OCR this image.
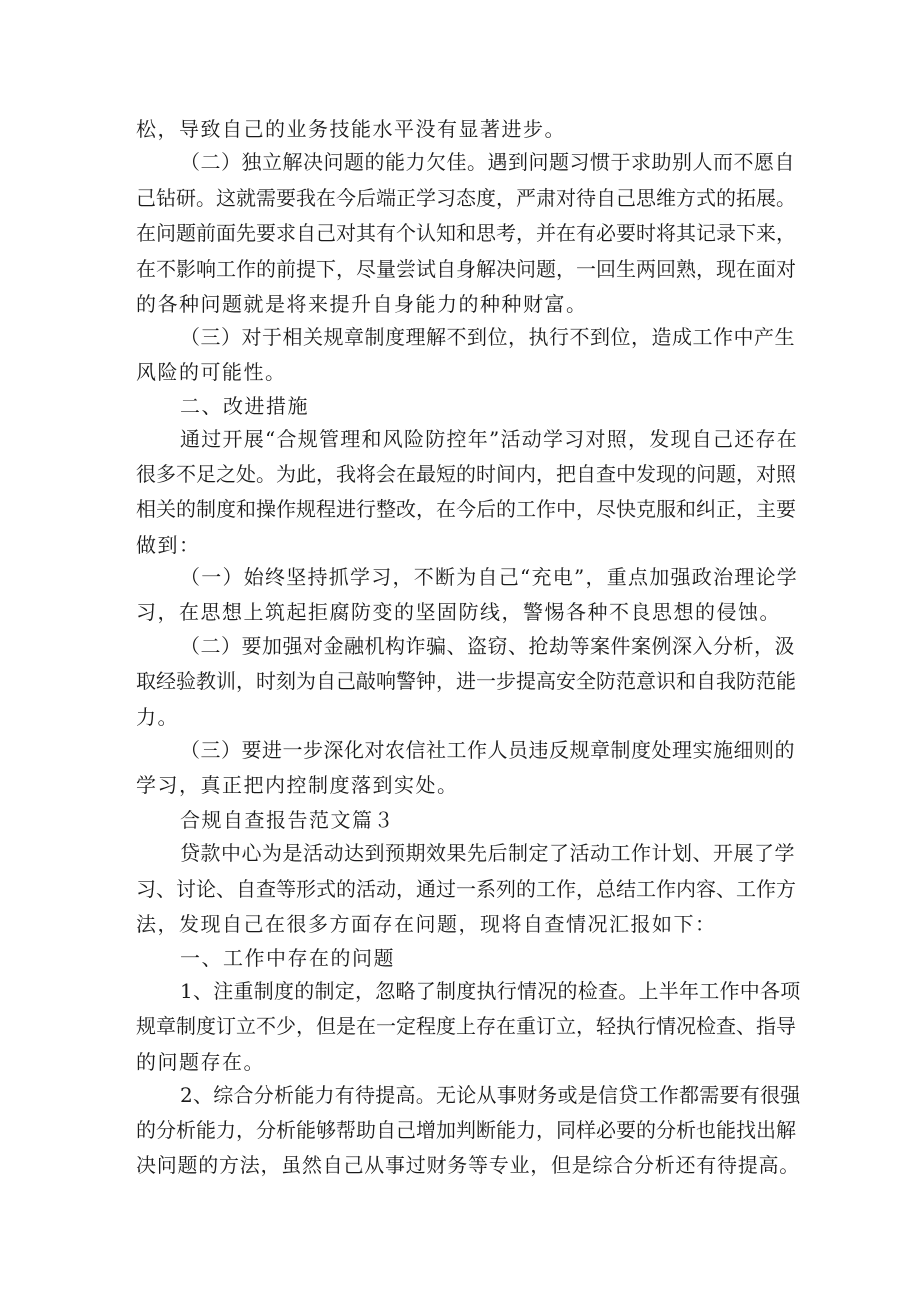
松，导致自己的业务技能水平没有显著进步。
（二）独立解决问题的能力欠佳。遇到问题习惯于求助别人而不愿自
己钻研。这就需要我在今后端正学习态度，严肃对待自己思维方式的拓展。
在问题前面先要求自己对其有个认知和思考，并在有必要时将其记录下来，
在不影响工作的前提下，尽量尝试自身解决问题，一回生两回熟，现在面对
的各种问题就是将来提升自身能力的种种财富。
（三）对于相关规章制度理解不到位，执行不到位，造成工作中产生
风险的可能性。
二、改进措施
通过开展“合规管理和风险防控年”活动学习对照，发现自己还存在
很多不足之处。为此，我将会在最短的时间内，把自查中发现的问题，对照
相关的制度和操作规程进行整改，在今后的工作中，尽快克服和纠正，主要
做到：
（一）始终坚持抓学习，不断为自己“充电”，重点加强政治理论学
习，在思想上筑起拒腐防变的坚固防线，警惕各种不良思想的侵蚀。
（二）要加强对金融机构诈骗、盗窃、抢劫等案件案例深入分析，汲
取经验教训，时刻为自己敲响警钟，进一步提高安全防范意识和自我防范能
力。
（三）要进一步深化对农信社工作人员违反规章制度处理实施细则的
学习，真正把内控制度落到实处。
合规自查报告范文篇３
贷款中心为是活动达到预期效果先后制定了活动工作计划、开展了学
习、讨论、自查等形式的活动，通过一系列的工作，总结工作内容、工作方
法，发现自己在很多方面存在问题，现将自查情况汇报如下：
一、工作中存在的问题
1、注重制度的制定，忽略了制度执行情况的检查。上半年工作中各项
规章制度订立不少，但是在一定程度上存在重订立，轻执行情况检查、指导
的问题存在。
2、综合分析能力有待提高。无论从事财务或是信贷工作都需要有很强
的分析能力，分析能够帮助自己增加判断能力，同样必要的分析也能找出解
决问题的方法，虽然自己从事过财务等专业，但是综合分析还有待提高。
